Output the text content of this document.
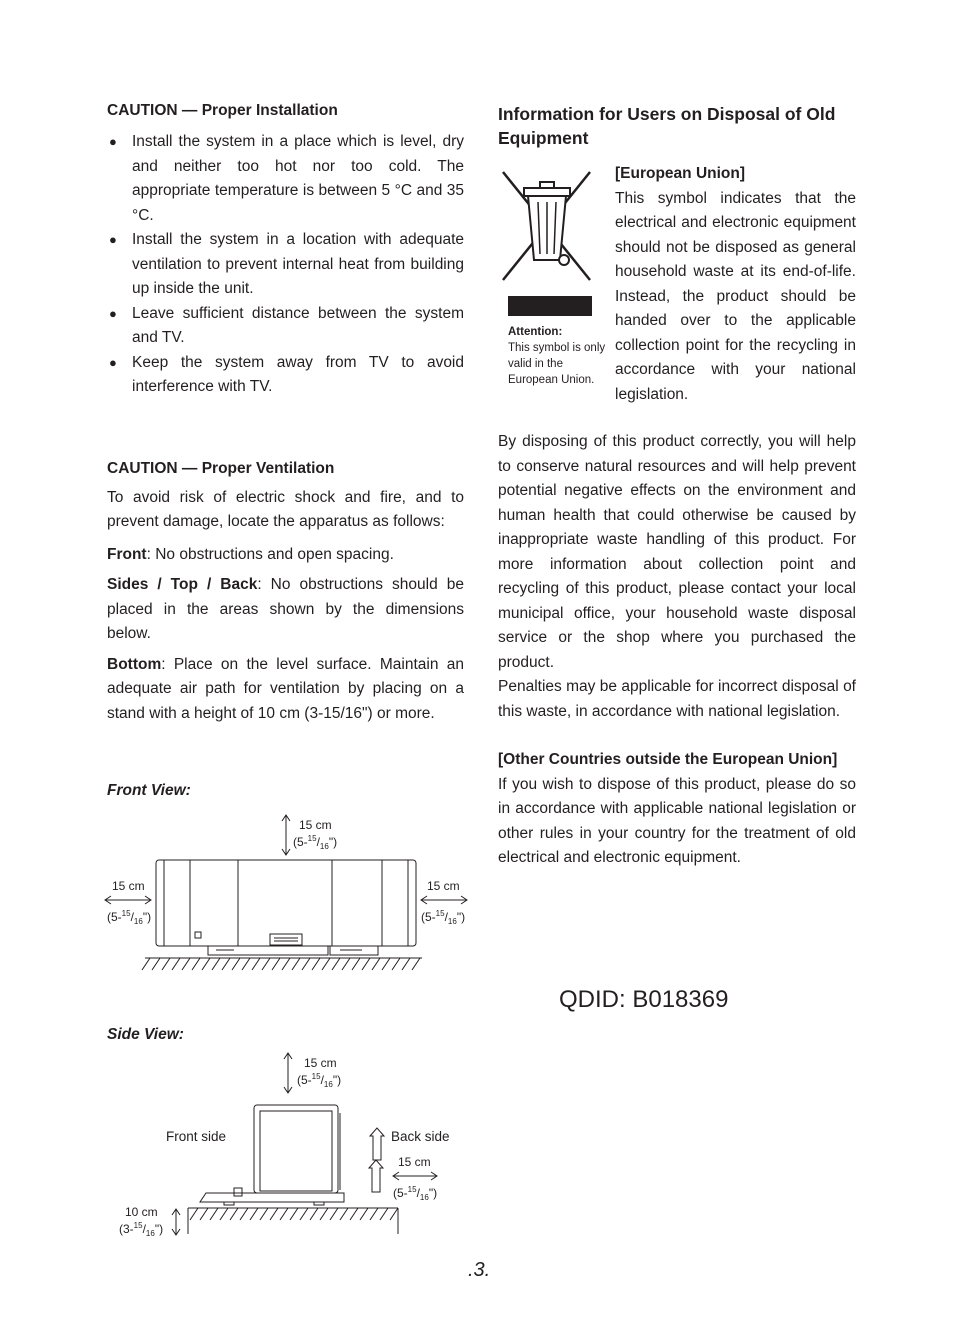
CAUTION — Proper Installation

● Install the system in a place which is level, dry and neither too hot nor too cold. The appropriate temperature is between 5 °C and 35 °C.
● Install the system in a location with adequate ventilation to prevent internal heat from building up inside the unit.
● Leave sufficient distance between the system and TV.
● Keep the system away from TV to avoid interference with TV.

CAUTION — Proper Ventilation

To avoid risk of electric shock and fire, and to prevent damage, locate the apparatus as follows:

Front: No obstructions and open spacing.

Sides / Top / Back: No obstructions should be placed in the areas shown by the dimensions below.

Bottom: Place on the level surface. Maintain an adequate air path for ventilation by placing on a stand with a height of 10 cm (3-15/16") or more.

Front View:
15 cm
$(5-^{15}/_{16}")$
15 cm
$(5-^{15}/_{16}")$
15 cm
$(5-^{15}/_{16}")$
Side View:
15 cm
$(5-^{15}/_{16}")$
Front side	Back side
15 cm
$(5-^{15}/_{16}")$
10 cm
$(3-^{15}/_{16}")$
Information for Users on Disposal of Old Equipment
Attention:
This symbol is only valid in the European Union.

[European Union]

This symbol indicates that the electrical and electronic equipment should not be disposed as general household waste at its end-of-life. Instead, the product should be handed over to the applicable collection point for the recycling in accordance with your national legislation.

By disposing of this product correctly, you will help to conserve natural resources and will help prevent potential negative effects on the environment and human health that could otherwise be caused by inappropriate waste handling of this product. For more information about collection point and recycling of this product, please contact your local municipal office, your household waste disposal service or the shop where you purchased the product.

Penalties may be applicable for incorrect disposal of this waste, in accordance with national legislation.

[Other Countries outside the European Union]

If you wish to dispose of this product, please do so in accordance with applicable national legislation or other rules in your country for the treatment of old electrical and electronic equipment.

QDID: B018369
.3.
